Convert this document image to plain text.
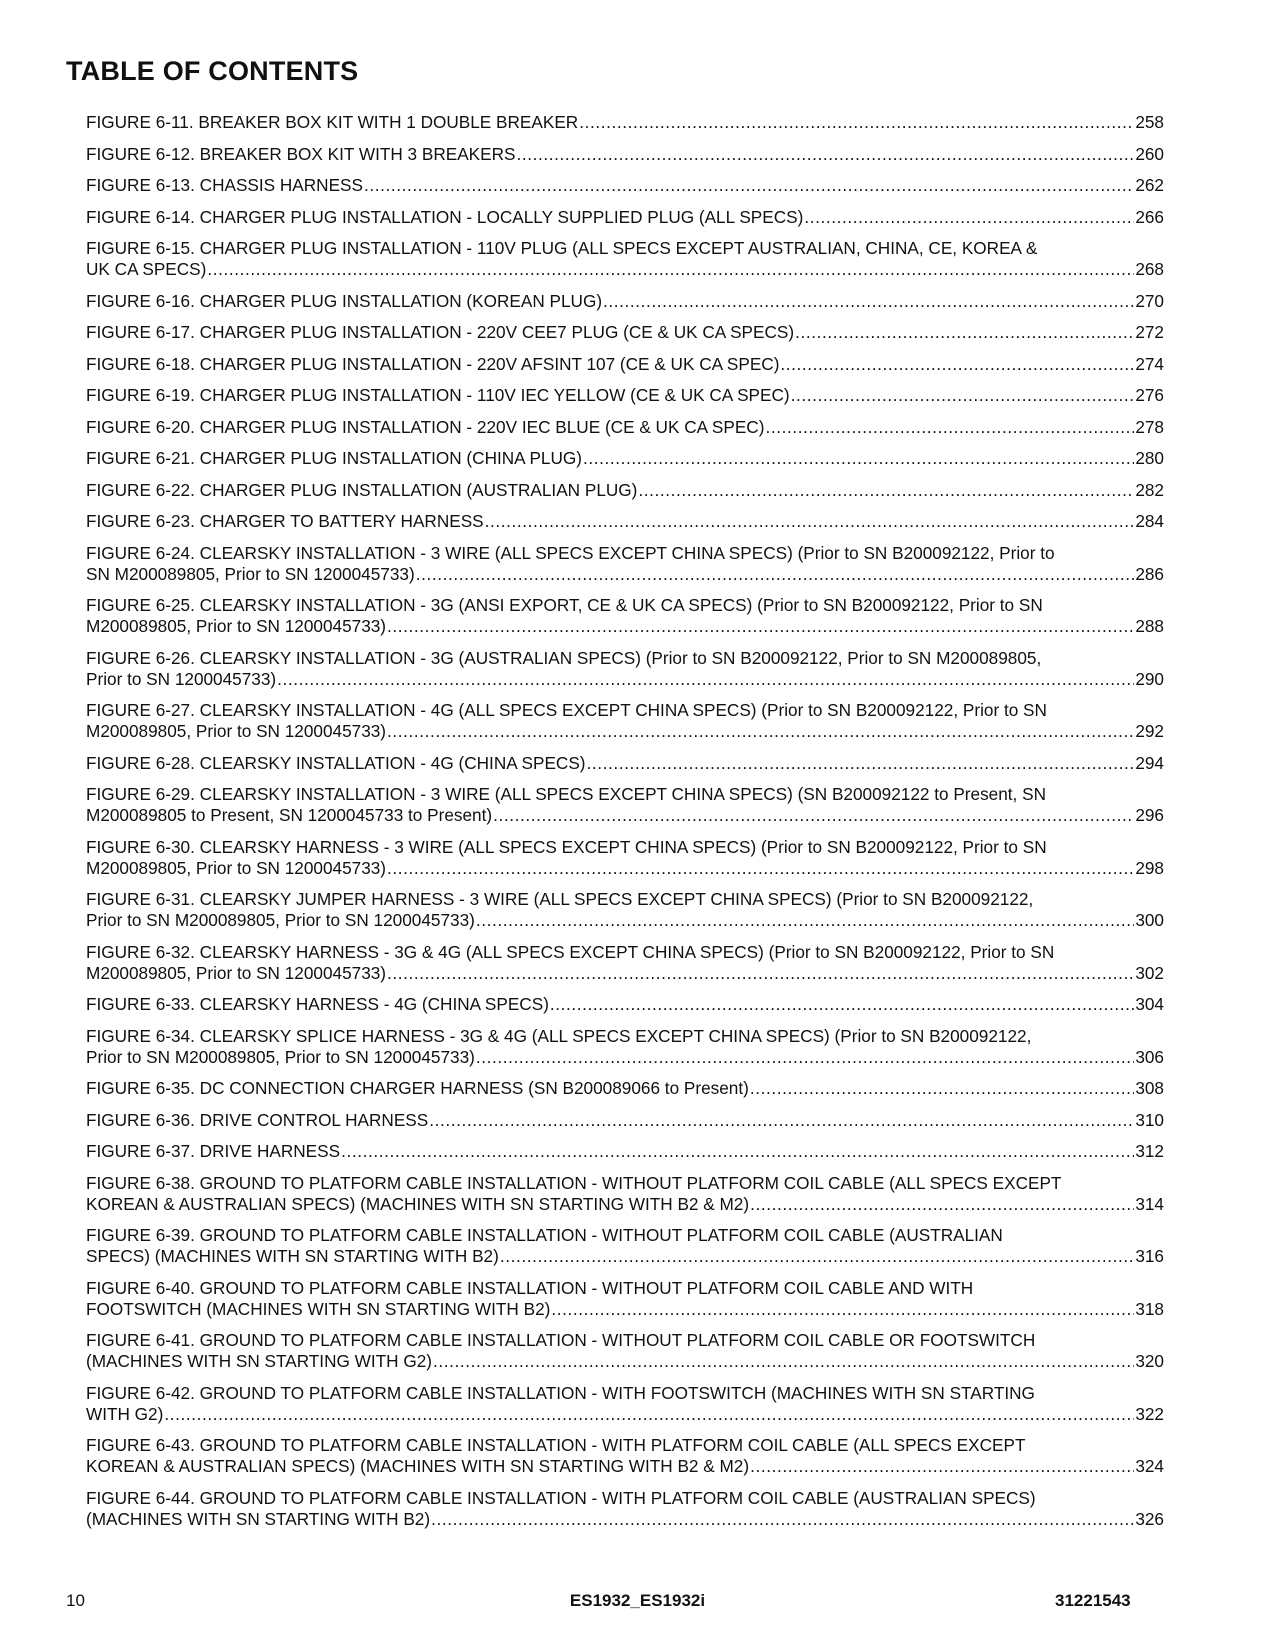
TABLE OF CONTENTS
FIGURE 6-11. BREAKER BOX KIT WITH 1 DOUBLE BREAKER .....	258
FIGURE 6-12. BREAKER BOX KIT WITH 3 BREAKERS .....	260
FIGURE 6-13. CHASSIS HARNESS .....	262
FIGURE 6-14. CHARGER PLUG INSTALLATION - LOCALLY SUPPLIED PLUG (ALL SPECS) .....	266
FIGURE 6-15. CHARGER PLUG INSTALLATION - 110V PLUG (ALL SPECS EXCEPT AUSTRALIAN, CHINA, CE, KOREA &
UK CA SPECS) .....	268
FIGURE 6-16. CHARGER PLUG INSTALLATION (KOREAN PLUG) .....	270
FIGURE 6-17. CHARGER PLUG INSTALLATION - 220V CEE7 PLUG (CE & UK CA SPECS) .....	272
FIGURE 6-18. CHARGER PLUG INSTALLATION - 220V AFSINT 107 (CE & UK CA SPEC) .....	274
FIGURE 6-19. CHARGER PLUG INSTALLATION - 110V IEC YELLOW (CE & UK CA SPEC) .....	276
FIGURE 6-20. CHARGER PLUG INSTALLATION - 220V IEC BLUE (CE & UK CA SPEC) .....	278
FIGURE 6-21. CHARGER PLUG INSTALLATION (CHINA PLUG) .....	280
FIGURE 6-22. CHARGER PLUG INSTALLATION (AUSTRALIAN PLUG) .....	282
FIGURE 6-23. CHARGER TO BATTERY HARNESS .....	284
FIGURE 6-24. CLEARSKY INSTALLATION - 3 WIRE (ALL SPECS EXCEPT CHINA SPECS) (Prior to SN B200092122, Prior to
SN M200089805, Prior to SN 1200045733) .....	286
FIGURE 6-25. CLEARSKY INSTALLATION - 3G (ANSI EXPORT, CE & UK CA SPECS) (Prior to SN B200092122, Prior to SN
M200089805, Prior to SN 1200045733) .....	288
FIGURE 6-26. CLEARSKY INSTALLATION - 3G (AUSTRALIAN SPECS) (Prior to SN B200092122, Prior to SN M200089805,
Prior to SN 1200045733) .....	290
FIGURE 6-27. CLEARSKY INSTALLATION - 4G (ALL SPECS EXCEPT CHINA SPECS) (Prior to SN B200092122, Prior to SN
M200089805, Prior to SN 1200045733) .....	292
FIGURE 6-28. CLEARSKY INSTALLATION - 4G (CHINA SPECS) .....	294
FIGURE 6-29. CLEARSKY INSTALLATION - 3 WIRE (ALL SPECS EXCEPT CHINA SPECS) (SN B200092122 to Present, SN
M200089805 to Present, SN 1200045733 to Present) .....	296
FIGURE 6-30. CLEARSKY HARNESS - 3 WIRE (ALL SPECS EXCEPT CHINA SPECS) (Prior to SN B200092122, Prior to SN
M200089805, Prior to SN 1200045733) .....	298
FIGURE 6-31. CLEARSKY JUMPER HARNESS - 3 WIRE (ALL SPECS EXCEPT CHINA SPECS) (Prior to SN B200092122,
Prior to SN M200089805, Prior to SN 1200045733) .....	300
FIGURE 6-32. CLEARSKY HARNESS - 3G & 4G (ALL SPECS EXCEPT CHINA SPECS) (Prior to SN B200092122, Prior to SN
M200089805, Prior to SN 1200045733) .....	302
FIGURE 6-33. CLEARSKY HARNESS - 4G (CHINA SPECS) .....	304
FIGURE 6-34. CLEARSKY SPLICE HARNESS - 3G & 4G (ALL SPECS EXCEPT CHINA SPECS) (Prior to SN B200092122,
Prior to SN M200089805, Prior to SN 1200045733) .....	306
FIGURE 6-35. DC CONNECTION CHARGER HARNESS (SN B200089066 to Present) .....	308
FIGURE 6-36. DRIVE CONTROL HARNESS .....	310
FIGURE 6-37. DRIVE HARNESS .....	312
FIGURE 6-38. GROUND TO PLATFORM CABLE INSTALLATION - WITHOUT PLATFORM COIL CABLE (ALL SPECS EXCEPT
KOREAN & AUSTRALIAN SPECS) (MACHINES WITH SN STARTING WITH B2 & M2) .....	314
FIGURE 6-39. GROUND TO PLATFORM CABLE INSTALLATION - WITHOUT PLATFORM COIL CABLE (AUSTRALIAN
SPECS) (MACHINES WITH SN STARTING WITH B2) .....	316
FIGURE 6-40. GROUND TO PLATFORM CABLE INSTALLATION - WITHOUT PLATFORM COIL CABLE AND WITH
FOOTSWITCH (MACHINES WITH SN STARTING WITH B2) .....	318
FIGURE 6-41. GROUND TO PLATFORM CABLE INSTALLATION - WITHOUT PLATFORM COIL CABLE OR FOOTSWITCH
(MACHINES WITH SN STARTING WITH G2) .....	320
FIGURE 6-42. GROUND TO PLATFORM CABLE INSTALLATION - WITH FOOTSWITCH (MACHINES WITH SN STARTING
WITH G2) .....	322
FIGURE 6-43. GROUND TO PLATFORM CABLE INSTALLATION - WITH PLATFORM COIL CABLE (ALL SPECS EXCEPT
KOREAN & AUSTRALIAN SPECS) (MACHINES WITH SN STARTING WITH B2 & M2) .....	324
FIGURE 6-44. GROUND TO PLATFORM CABLE INSTALLATION - WITH PLATFORM COIL CABLE (AUSTRALIAN SPECS)
(MACHINES WITH SN STARTING WITH B2) .....	326
10	ES1932_ES1932i	31221543
